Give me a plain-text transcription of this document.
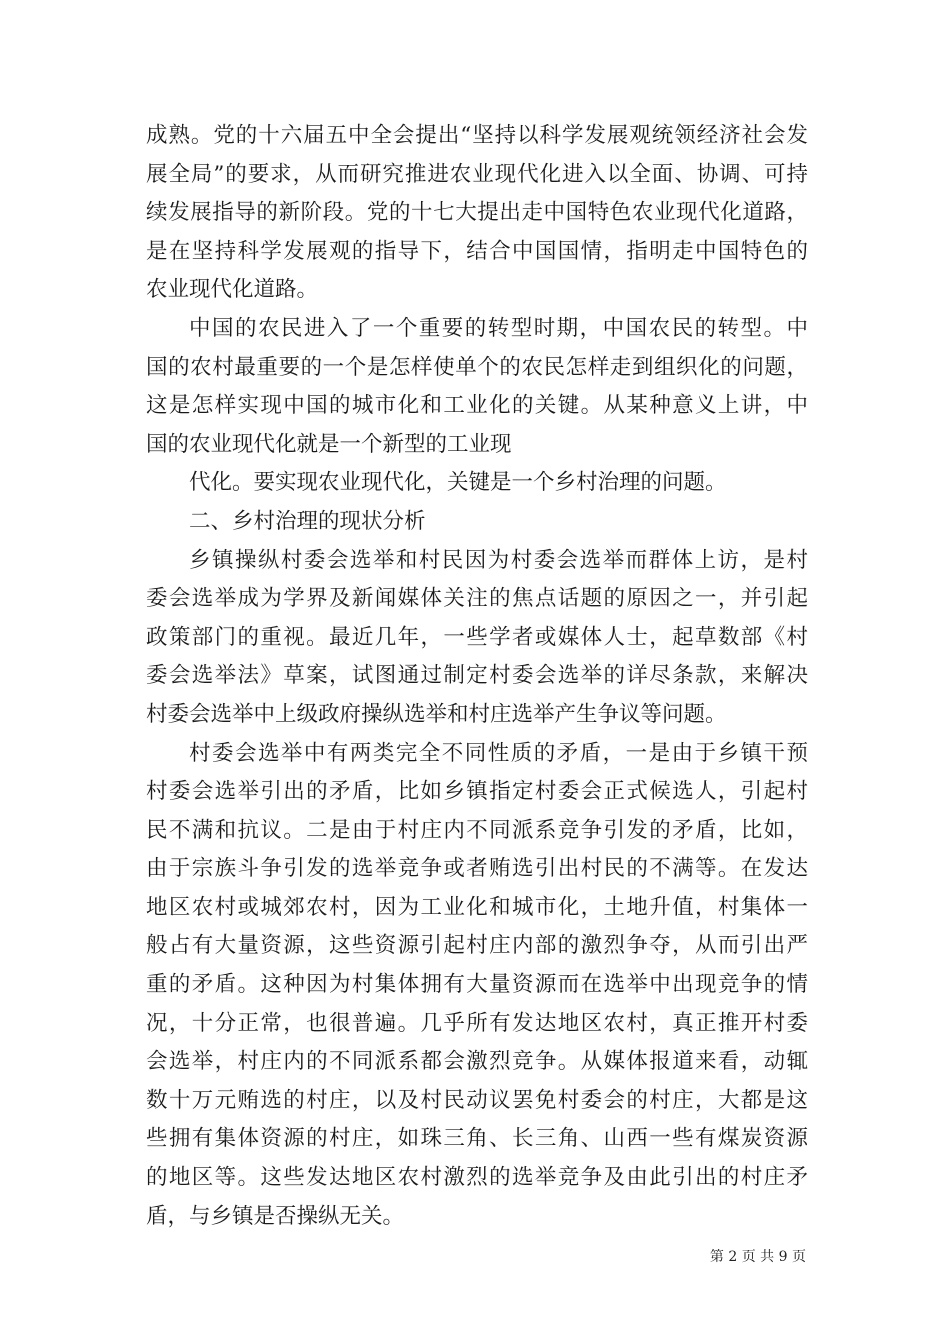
成熟。党的十六届五中全会提出“坚持以科学发展观统领经济社会发
展全局”的要求，从而研究推进农业现代化进入以全面、协调、可持
续发展指导的新阶段。党的十七大提出走中国特色农业现代化道路，
是在坚持科学发展观的指导下，结合中国国情，指明走中国特色的
农业现代化道路。
中国的农民进入了一个重要的转型时期，中国农民的转型。中
国的农村最重要的一个是怎样使单个的农民怎样走到组织化的问题，
这是怎样实现中国的城市化和工业化的关键。从某种意义上讲，中
国的农业现代化就是一个新型的工业现
代化。要实现农业现代化，关键是一个乡村治理的问题。
二、乡村治理的现状分析
乡镇操纵村委会选举和村民因为村委会选举而群体上访，是村
委会选举成为学界及新闻媒体关注的焦点话题的原因之一，并引起
政策部门的重视。最近几年，一些学者或媒体人士，起草数部《村
委会选举法》草案，试图通过制定村委会选举的详尽条款，来解决
村委会选举中上级政府操纵选举和村庄选举产生争议等问题。
村委会选举中有两类完全不同性质的矛盾，一是由于乡镇干预
村委会选举引出的矛盾，比如乡镇指定村委会正式候选人，引起村
民不满和抗议。二是由于村庄内不同派系竞争引发的矛盾，比如，
由于宗族斗争引发的选举竞争或者贿选引出村民的不满等。在发达
地区农村或城郊农村，因为工业化和城市化，土地升值，村集体一
般占有大量资源，这些资源引起村庄内部的激烈争夺，从而引出严
重的矛盾。这种因为村集体拥有大量资源而在选举中出现竞争的情
况，十分正常，也很普遍。几乎所有发达地区农村，真正推开村委
会选举，村庄内的不同派系都会激烈竞争。从媒体报道来看，动辄
数十万元贿选的村庄，以及村民动议罢免村委会的村庄，大都是这
些拥有集体资源的村庄，如珠三角、长三角、山西一些有煤炭资源
的地区等。这些发达地区农村激烈的选举竞争及由此引出的村庄矛
盾，与乡镇是否操纵无关。
第 2 页 共 9 页
